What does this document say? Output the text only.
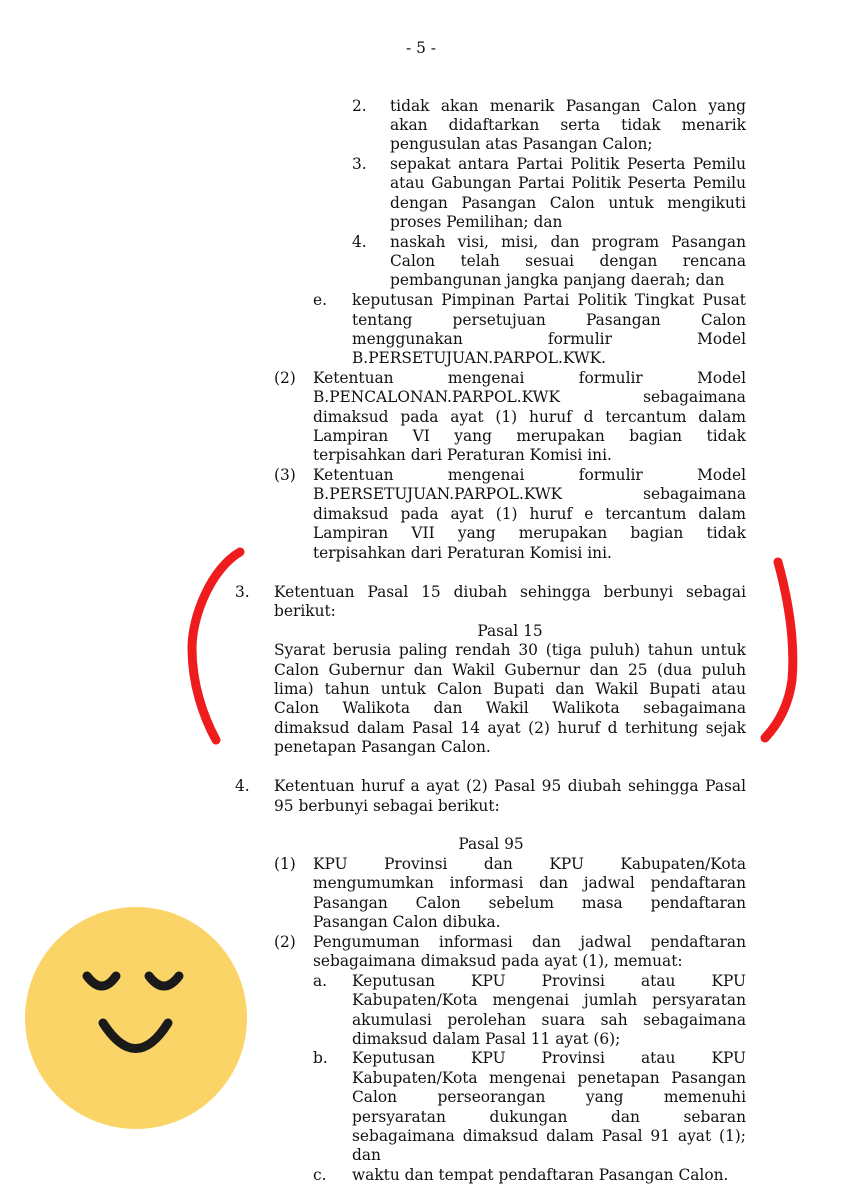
- 5 -
2. tidak akan menarik Pasangan Calon yang
akan didaftarkan serta tidak menarik
pengusulan atas Pasangan Calon;
3. sepakat antara Partai Politik Peserta Pemilu
atau Gabungan Partai Politik Peserta Pemilu
dengan Pasangan Calon untuk mengikuti
proses Pemilihan; dan
4. naskah visi, misi, dan program Pasangan
Calon telah sesuai dengan rencana
pembangunan jangka panjang daerah; dan
e. keputusan Pimpinan Partai Politik Tingkat Pusat
tentang persetujuan Pasangan Calon
menggunakan formulir Model
B.PERSETUJUAN.PARPOL.KWK.
(2) Ketentuan mengenai formulir Model
B.PENCALONAN.PARPOL.KWK sebagaimana
dimaksud pada ayat (1) huruf d tercantum dalam
Lampiran VI yang merupakan bagian tidak
terpisahkan dari Peraturan Komisi ini.
(3) Ketentuan mengenai formulir Model
B.PERSETUJUAN.PARPOL.KWK sebagaimana
dimaksud pada ayat (1) huruf e tercantum dalam
Lampiran VII yang merupakan bagian tidak
terpisahkan dari Peraturan Komisi ini.
3. Ketentuan Pasal 15 diubah sehingga berbunyi sebagai
berikut:
Pasal 15
Syarat berusia paling rendah 30 (tiga puluh) tahun untuk
Calon Gubernur dan Wakil Gubernur dan 25 (dua puluh
lima) tahun untuk Calon Bupati dan Wakil Bupati atau
Calon Walikota dan Wakil Walikota sebagaimana
dimaksud dalam Pasal 14 ayat (2) huruf d terhitung sejak
penetapan Pasangan Calon.
4. Ketentuan huruf a ayat (2) Pasal 95 diubah sehingga Pasal
95 berbunyi sebagai berikut:
Pasal 95
(1) KPU Provinsi dan KPU Kabupaten/Kota
mengumumkan informasi dan jadwal pendaftaran
Pasangan Calon sebelum masa pendaftaran
Pasangan Calon dibuka.
(2) Pengumuman informasi dan jadwal pendaftaran
sebagaimana dimaksud pada ayat (1), memuat:
a. Keputusan KPU Provinsi atau KPU
Kabupaten/Kota mengenai jumlah persyaratan
akumulasi perolehan suara sah sebagaimana
dimaksud dalam Pasal 11 ayat (6);
b. Keputusan KPU Provinsi atau KPU
Kabupaten/Kota mengenai penetapan Pasangan
Calon perseorangan yang memenuhi
persyaratan dukungan dan sebaran
sebagaimana dimaksud dalam Pasal 91 ayat (1);
dan
c. waktu dan tempat pendaftaran Pasangan Calon.
